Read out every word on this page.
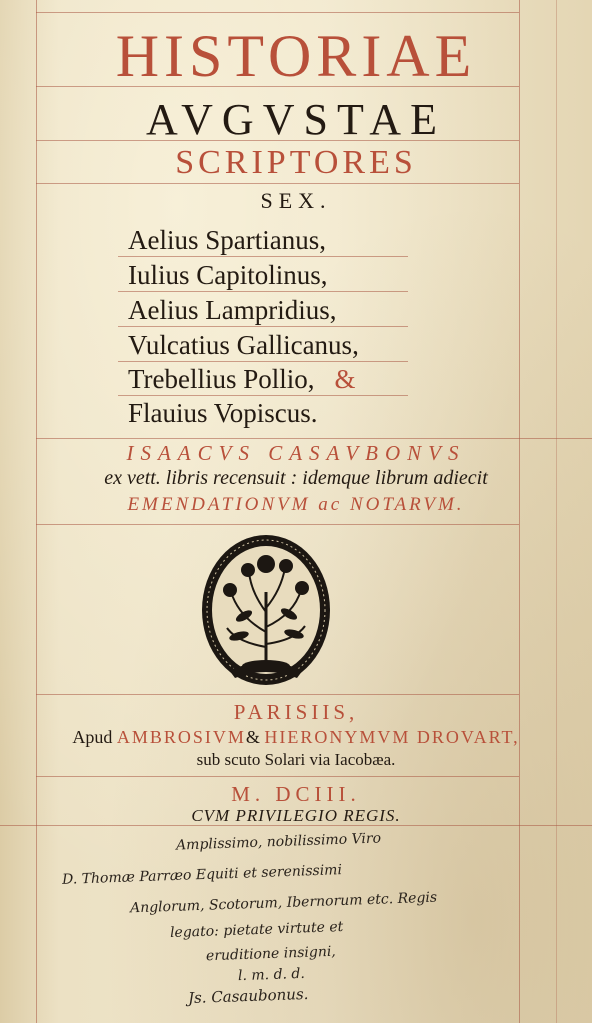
HISTORIAE
AVGVSTAE
SCRIPTORES
SEX.
Aelius Spartianus,
Iulius Capitolinus,
Aelius Lampridius,
Vulcatius Gallicanus,
Trebellius Pollio, &
Flauius Vopiscus.
ISAACVS CASAVBONVS
ex vett. libris recensuit : idemque librum adiecit
EMENDATIONVM ac NOTARVM.
PARISIIS,
Apud AMBROSIVM& HIERONYMVM DROVART,
sub scuto Solari via Iacobæa.
M. DCIII.
CVM PRIVILEGIO REGIS.
Amplissimo, nobilissimo Viro
D. Thomæ Parræo Equiti et serenissimi
Anglorum, Scotorum, Ibernorum etc. Regis
legato: pietate virtute et
eruditione insigni,
l. m. d. d.
Js. Casaubonus.
